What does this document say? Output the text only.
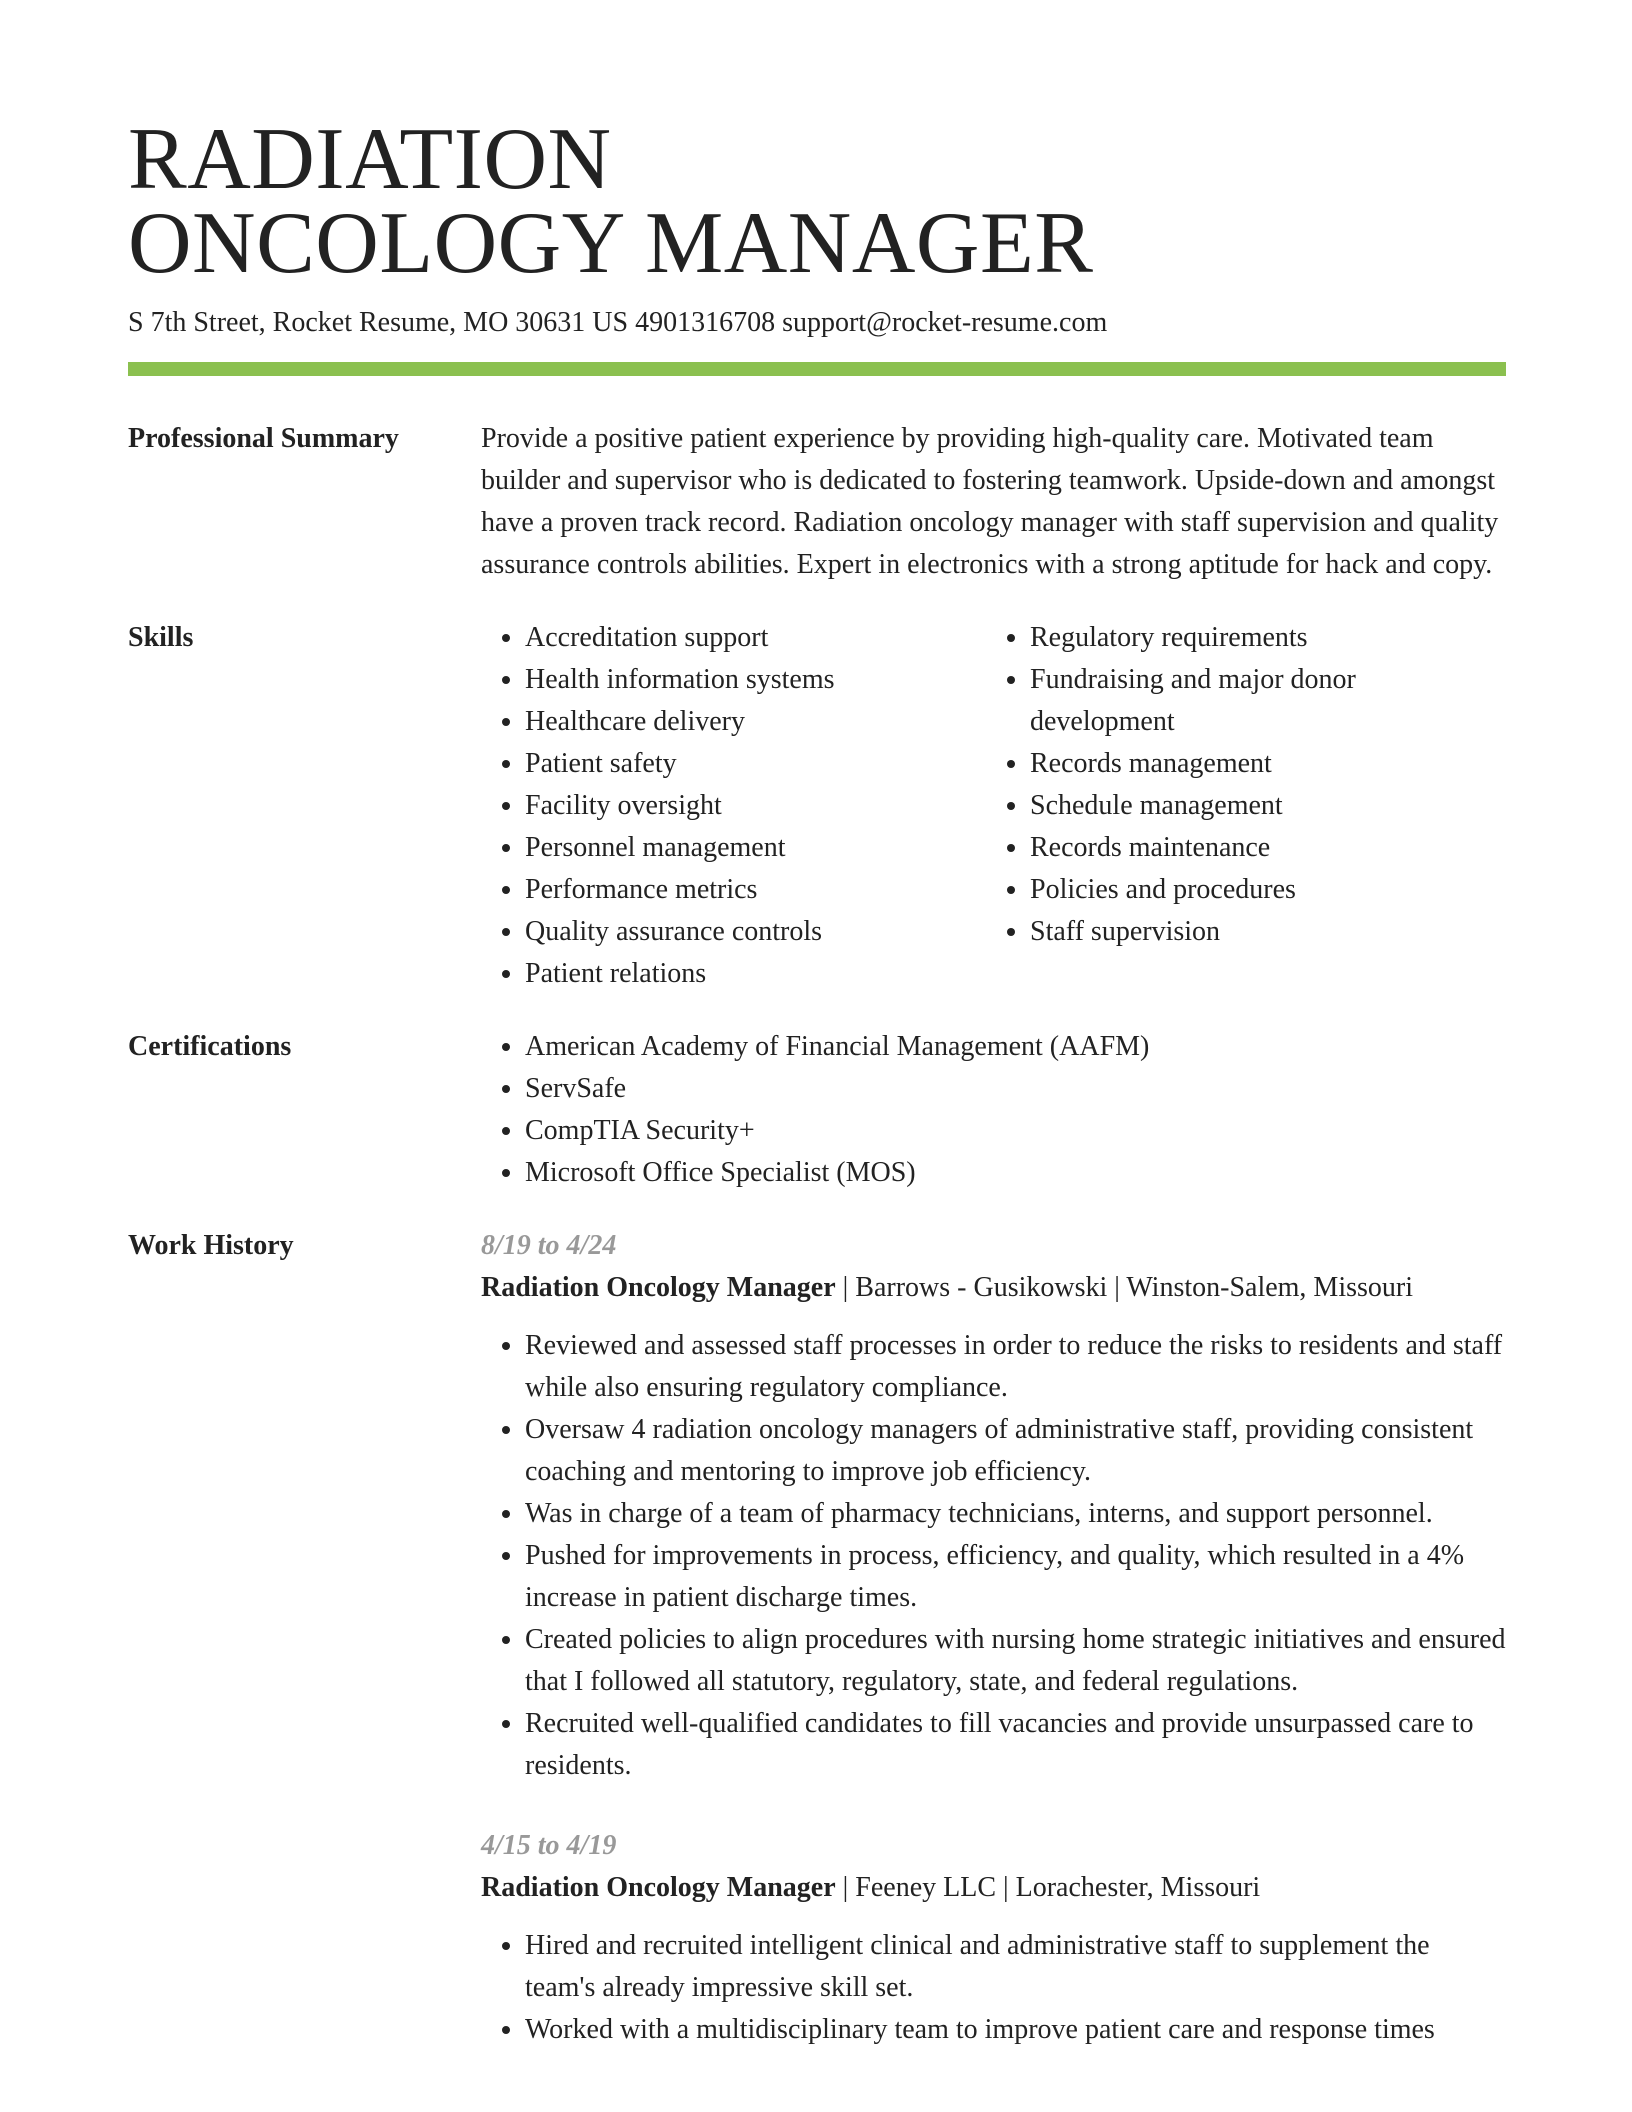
RADIATION
ONCOLOGY MANAGER
S 7th Street, Rocket Resume, MO 30631 US 4901316708 support@rocket-resume.com
Professional Summary	Provide a positive patient experience by providing high-quality care. Motivated team builder and supervisor who is dedicated to fostering teamwork. Upside-down and amongst have a proven track record. Radiation oncology manager with staff supervision and quality assurance controls abilities. Expert in electronics with a strong aptitude for hack and copy.

Skills	• Accreditation support
• Health information systems
• Healthcare delivery
• Patient safety
• Facility oversight
• Personnel management
• Performance metrics
• Quality assurance controls
• Patient relations
• Regulatory requirements
• Fundraising and major donor development
• Records management
• Schedule management
• Records maintenance
• Policies and procedures
• Staff supervision
Certifications	• American Academy of Financial Management (AAFM)
• ServSafe
• CompTIA Security+
• Microsoft Office Specialist (MOS)
Work History	8/19 to 4/24
Radiation Oncology Manager | Barrows - Gusikowski | Winston-Salem, Missouri
• Reviewed and assessed staff processes in order to reduce the risks to residents and staff while also ensuring regulatory compliance.
• Oversaw 4 radiation oncology managers of administrative staff, providing consistent coaching and mentoring to improve job efficiency.
• Was in charge of a team of pharmacy technicians, interns, and support personnel.
• Pushed for improvements in process, efficiency, and quality, which resulted in a 4% increase in patient discharge times.
• Created policies to align procedures with nursing home strategic initiatives and ensured that I followed all statutory, regulatory, state, and federal regulations.
• Recruited well-qualified candidates to fill vacancies and provide unsurpassed care to residents.
4/15 to 4/19
Radiation Oncology Manager | Feeney LLC | Lorachester, Missouri
• Hired and recruited intelligent clinical and administrative staff to supplement the team's already impressive skill set.
• Worked with a multidisciplinary team to improve patient care and response times
